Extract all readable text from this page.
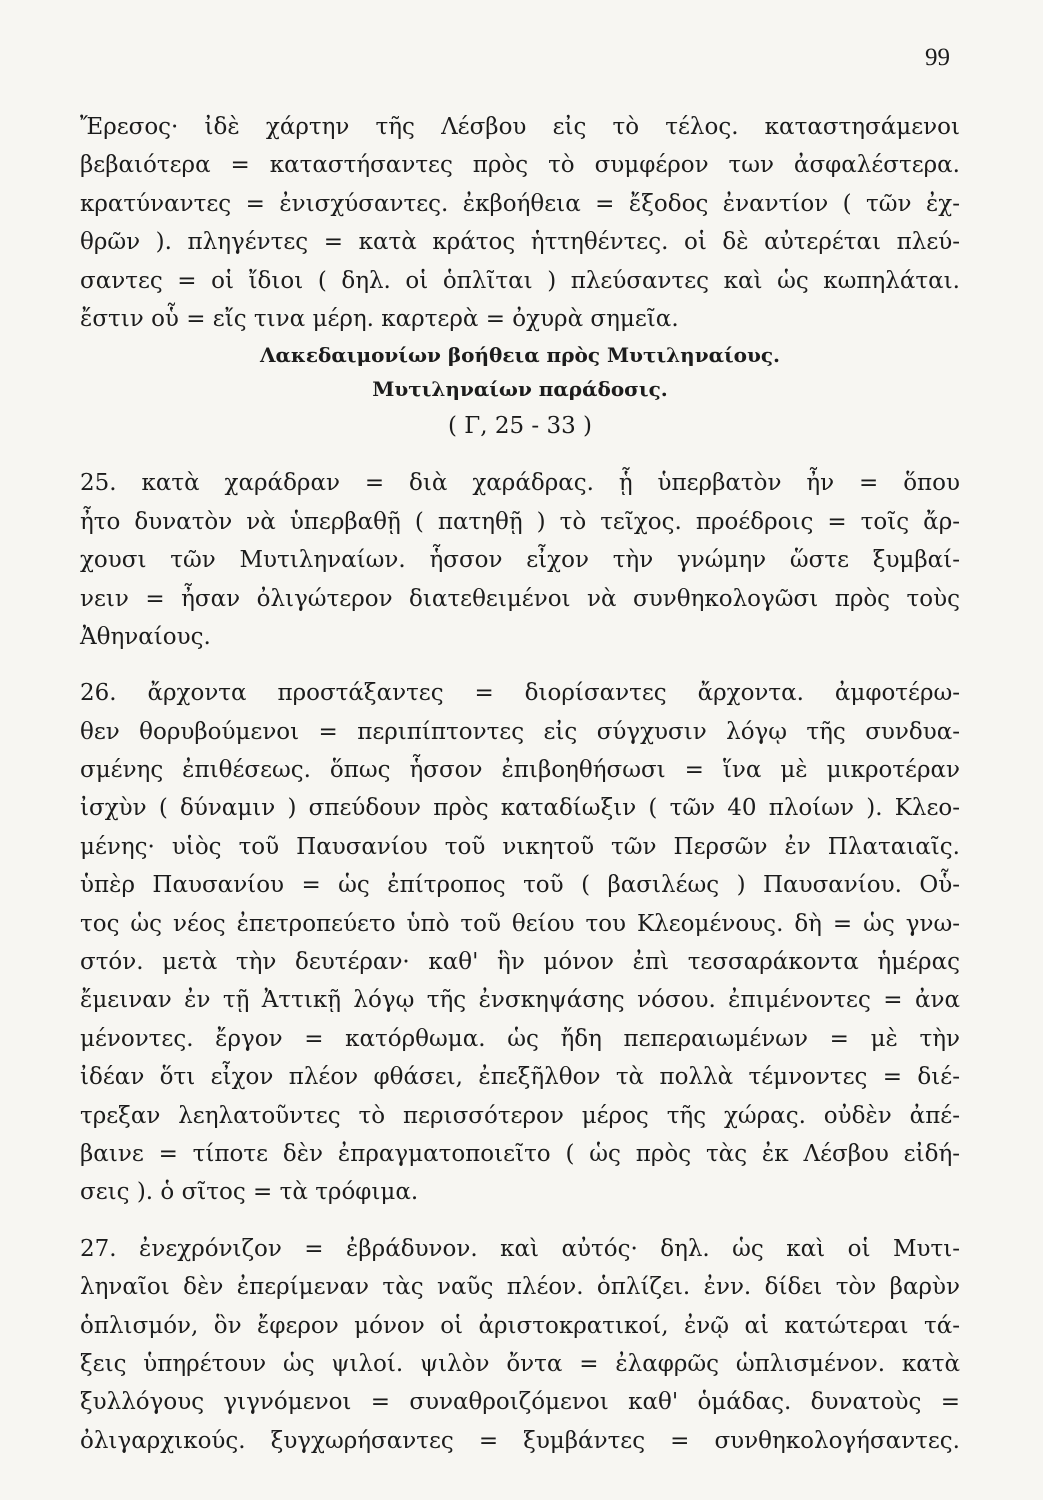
99
Ἔρεσος· ἰδὲ χάρτην τῆς Λέσβου εἰς τὸ τέλος. καταστησάμενοι
βεβαιότερα = καταστήσαντες πρὸς τὸ συμφέρον των ἀσφαλέστερα.
κρατύναντες = ἐνισχύσαντες. ἐκβοήθεια = ἔξοδος ἐναντίον ( τῶν ἐχ-
θρῶν ). πληγέντες = κατὰ κράτος ἡττηθέντες. οἱ δὲ αὐτερέται πλεύ-
σαντες = οἱ ἴδιοι ( δηλ. οἱ ὁπλῖται ) πλεύσαντες καὶ ὡς κωπηλάται.
ἔστιν οὗ = εἴς τινα μέρη. καρτερὰ = ὀχυρὰ σημεῖα.
Λακεδαιμονίων βοήθεια πρὸς Μυτιληναίους.
Μυτιληναίων παράδοσις.
( Γ, 25 - 33 )
25. κατὰ χαράδραν = διὰ χαράδρας. ᾗ ὑπερβατὸν ἦν = ὅπου
ἦτο δυνατὸν νὰ ὑπερβαθῇ ( πατηθῇ ) τὸ τεῖχος. προέδροις = τοῖς ἄρ-
χουσι τῶν Μυτιληναίων. ἧσσον εἶχον τὴν γνώμην ὥστε ξυμβαί-
νειν = ἦσαν ὀλιγώτερον διατεθειμένοι νὰ συνθηκολογῶσι πρὸς τοὺς
Ἀθηναίους.
26. ἄρχοντα προστάξαντες = διορίσαντες ἄρχοντα. ἀμφοτέρω-
θεν θορυβούμενοι = περιπίπτοντες εἰς σύγχυσιν λόγῳ τῆς συνδυα-
σμένης ἐπιθέσεως. ὅπως ἧσσον ἐπιβοηθήσωσι = ἵνα μὲ μικροτέραν
ἰσχὺν ( δύναμιν ) σπεύδουν πρὸς καταδίωξιν ( τῶν 40 πλοίων ). Κλεο-
μένης· υἱὸς τοῦ Παυσανίου τοῦ νικητοῦ τῶν Περσῶν ἐν Πλαταιαῖς.
ὑπὲρ Παυσανίου = ὡς ἐπίτροπος τοῦ ( βασιλέως ) Παυσανίου. Οὗ-
τος ὡς νέος ἐπετροπεύετο ὑπὸ τοῦ θείου του Κλεομένους. δὴ = ὡς γνω-
στόν. μετὰ τὴν δευτέραν· καθ' ἣν μόνον ἐπὶ τεσσαράκοντα ἡμέρας
ἔμειναν ἐν τῇ Ἀττικῇ λόγῳ τῆς ἐνσκηψάσης νόσου. ἐπιμένοντες = ἀνα
μένοντες. ἔργον = κατόρθωμα. ὡς ἤδη πεπεραιωμένων = μὲ τὴν
ἰδέαν ὅτι εἶχον πλέον φθάσει, ἐπεξῆλθον τὰ πολλὰ τέμνοντες = διέ-
τρεξαν λεηλατοῦντες τὸ περισσότερον μέρος τῆς χώρας. οὐδὲν ἀπέ-
βαινε = τίποτε δὲν ἐπραγματοποιεῖτο ( ὡς πρὸς τὰς ἐκ Λέσβου εἰδή-
σεις ). ὁ σῖτος = τὰ τρόφιμα.
27. ἐνεχρόνιζον = ἐβράδυνον. καὶ αὐτός· δηλ. ὡς καὶ οἱ Μυτι-
ληναῖοι δὲν ἐπερίμεναν τὰς ναῦς πλέον. ὁπλίζει. ἐνν. δίδει τὸν βαρὺν
ὁπλισμόν, ὃν ἔφερον μόνον οἱ ἀριστοκρατικοί, ἐνῷ αἱ κατώτεραι τά-
ξεις ὑπηρέτουν ὡς ψιλοί. ψιλὸν ὄντα = ἐλαφρῶς ὡπλισμένον. κατὰ
ξυλλόγους γιγνόμενοι = συναθροιζόμενοι καθ' ὁμάδας. δυνατοὺς =
ὀλιγαρχικούς. ξυγχωρήσαντες = ξυμβάντες = συνθηκολογήσαντες.
